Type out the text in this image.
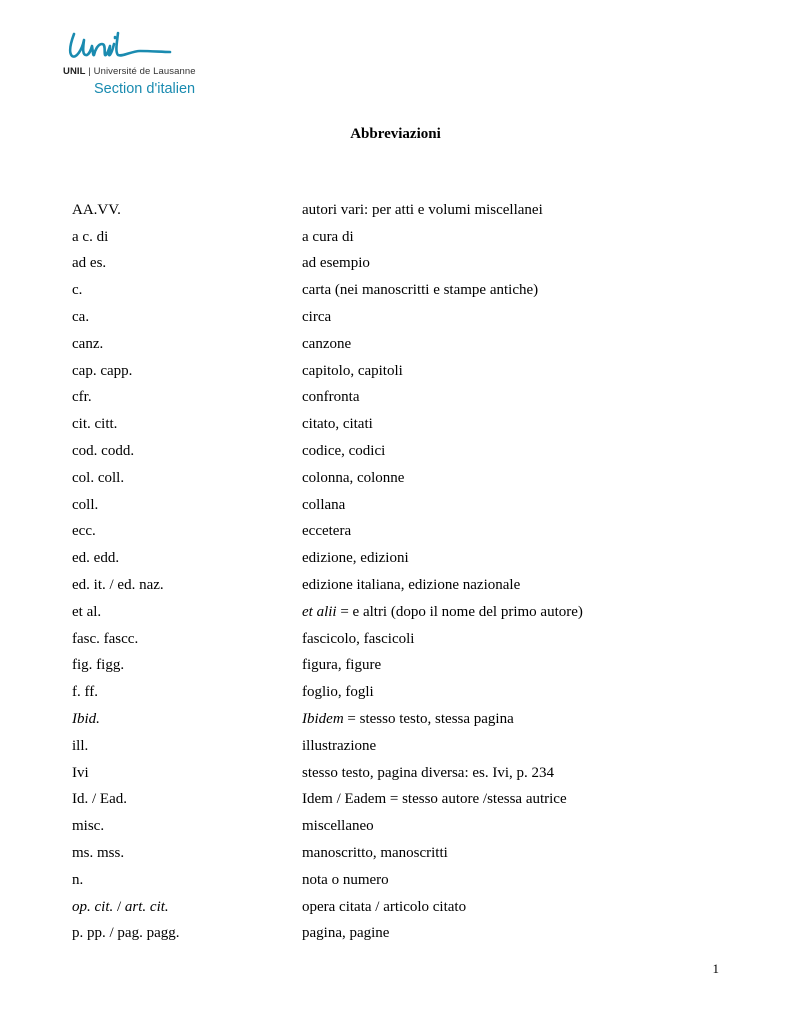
UNIL | Université de Lausanne
Section d'italien
Abbreviazioni
AA.VV.	autori vari: per atti e volumi miscellanei
a c. di	a cura di
ad es.	ad esempio
c.	carta (nei manoscritti e stampe antiche)
ca.	circa
canz.	canzone
cap. capp.	capitolo, capitoli
cfr.	confronta
cit. citt.	citato, citati
cod. codd.	codice, codici
col. coll.	colonna, colonne
coll.	collana
ecc.	eccetera
ed. edd.	edizione, edizioni
ed. it. / ed. naz.	edizione italiana, edizione nazionale
et al.	et alii = e altri (dopo il nome del primo autore)
fasc. fascc.	fascicolo, fascicoli
fig. figg.	figura, figure
f. ff.	foglio, fogli
Ibid.	Ibidem = stesso testo, stessa pagina
ill.	illustrazione
Ivi	stesso testo, pagina diversa: es. Ivi, p. 234
Id. / Ead.	Idem / Eadem = stesso autore /stessa autrice
misc.	miscellaneo
ms. mss.	manoscritto, manoscritti
n.	nota o numero
op. cit. / art. cit.	opera citata / articolo citato
p. pp. / pag. pagg.	pagina, pagine
1
